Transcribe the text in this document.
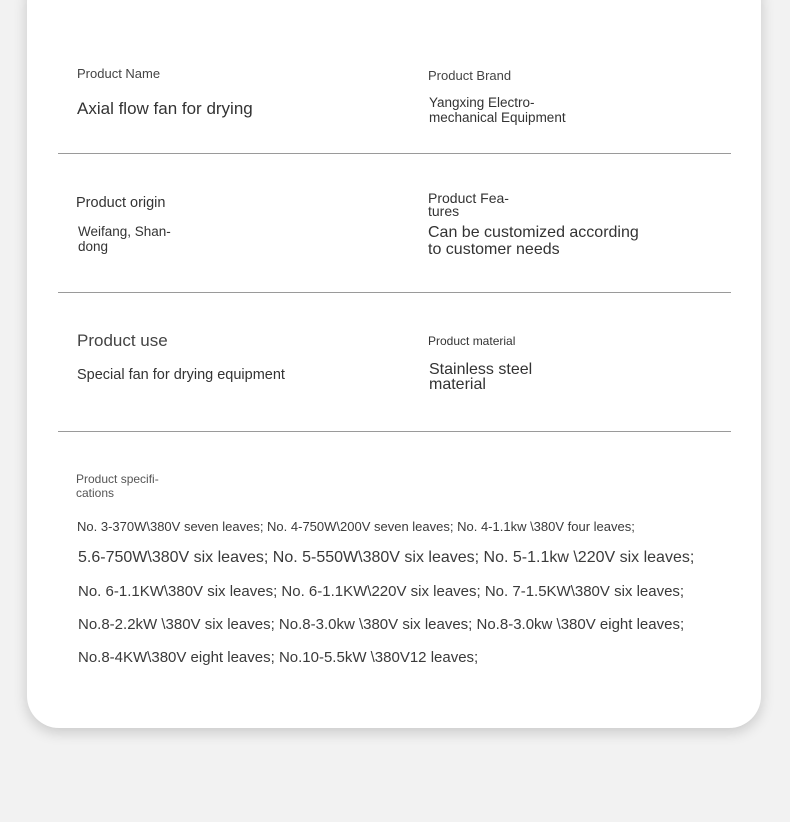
Product Name
Axial flow fan for drying
Product Brand
Yangxing Electro-
mechanical Equipment
Product origin
Weifang, Shan-
dong
Product Fea-
tures
Can be customized according
to customer needs
Product use
Special fan for drying equipment
Product material
Stainless steel
material
Product specifi-
cations
No. 3-370W\380V seven leaves; No. 4-750W\200V seven leaves; No. 4-1.1kw \380V four leaves;
5.6-750W\380V six leaves; No. 5-550W\380V six leaves; No. 5-1.1kw \220V six leaves;
No. 6-1.1KW\380V six leaves; No. 6-1.1KW\220V six leaves; No. 7-1.5KW\380V six leaves;
No.8-2.2kW \380V six leaves; No.8-3.0kw \380V six leaves; No.8-3.0kw \380V eight leaves;
No.8-4KW\380V eight leaves; No.10-5.5kW \380V12 leaves;
